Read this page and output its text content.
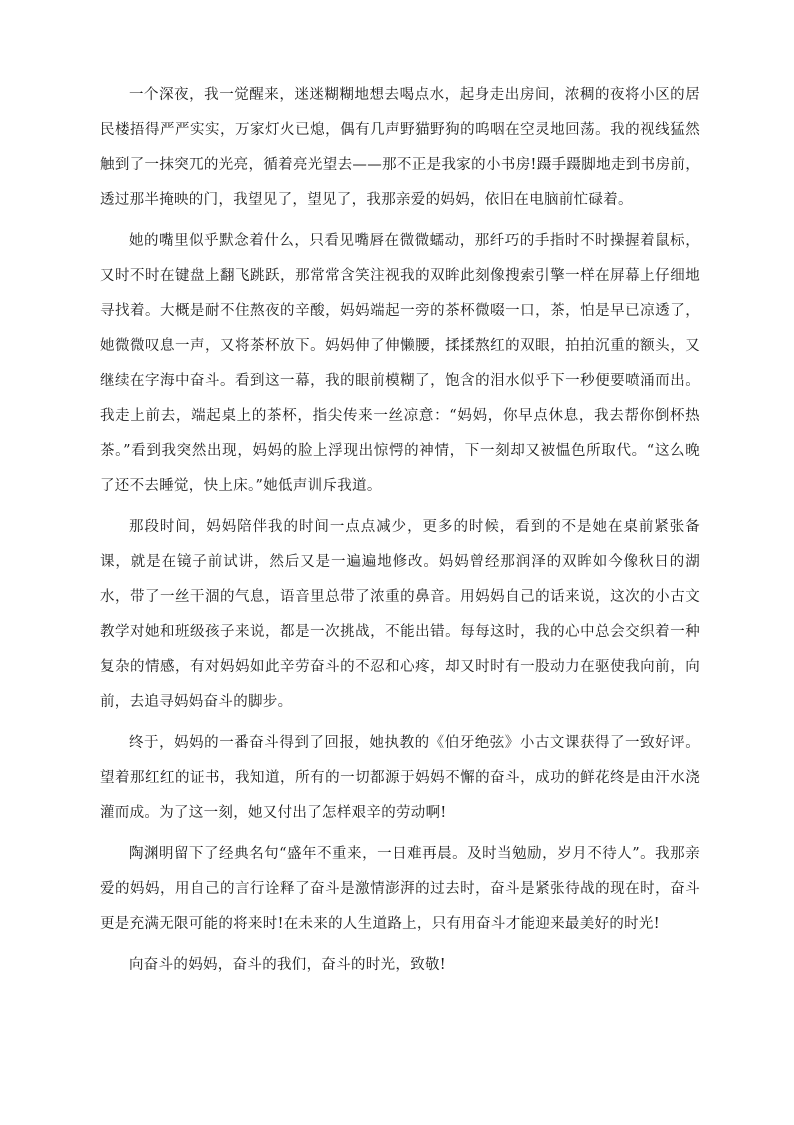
一个深夜，我一觉醒来，迷迷糊糊地想去喝点水，起身走出房间，浓稠的夜将小区的居民楼捂得严严实实，万家灯火已熄，偶有几声野猫野狗的呜咽在空灵地回荡。我的视线猛然触到了一抹突兀的光亮，循着亮光望去——那不正是我家的小书房!蹑手蹑脚地走到书房前，透过那半掩映的门，我望见了，望见了，我那亲爱的妈妈，依旧在电脑前忙碌着。

她的嘴里似乎默念着什么，只看见嘴唇在微微蠕动，那纤巧的手指时不时操握着鼠标，又时不时在键盘上翻飞跳跃，那常常含笑注视我的双眸此刻像搜索引擎一样在屏幕上仔细地寻找着。大概是耐不住熬夜的辛酸，妈妈端起一旁的茶杯微啜一口，茶，怕是早已凉透了，她微微叹息一声，又将茶杯放下。妈妈伸了伸懒腰，揉揉熬红的双眼，拍拍沉重的额头，又继续在字海中奋斗。看到这一幕，我的眼前模糊了，饱含的泪水似乎下一秒便要喷涌而出。我走上前去，端起桌上的茶杯，指尖传来一丝凉意：“妈妈，你早点休息，我去帮你倒杯热茶。”看到我突然出现，妈妈的脸上浮现出惊愕的神情，下一刻却又被愠色所取代。“这么晚了还不去睡觉，快上床。”她低声训斥我道。

那段时间，妈妈陪伴我的时间一点点减少，更多的时候，看到的不是她在桌前紧张备课，就是在镜子前试讲，然后又是一遍遍地修改。妈妈曾经那润泽的双眸如今像秋日的湖水，带了一丝干涸的气息，语音里总带了浓重的鼻音。用妈妈自己的话来说，这次的小古文教学对她和班级孩子来说，都是一次挑战，不能出错。每每这时，我的心中总会交织着一种复杂的情感，有对妈妈如此辛劳奋斗的不忍和心疼，却又时时有一股动力在驱使我向前，向前，去追寻妈妈奋斗的脚步。

终于，妈妈的一番奋斗得到了回报，她执教的《伯牙绝弦》小古文课获得了一致好评。望着那红红的证书，我知道，所有的一切都源于妈妈不懈的奋斗，成功的鲜花终是由汗水浇灌而成。为了这一刻，她又付出了怎样艰辛的劳动啊!

陶渊明留下了经典名句“盛年不重来，一日难再晨。及时当勉励，岁月不待人”。我那亲爱的妈妈，用自己的言行诠释了奋斗是激情澎湃的过去时，奋斗是紧张待战的现在时，奋斗更是充满无限可能的将来时!在未来的人生道路上，只有用奋斗才能迎来最美好的时光!

向奋斗的妈妈，奋斗的我们，奋斗的时光，致敬!
